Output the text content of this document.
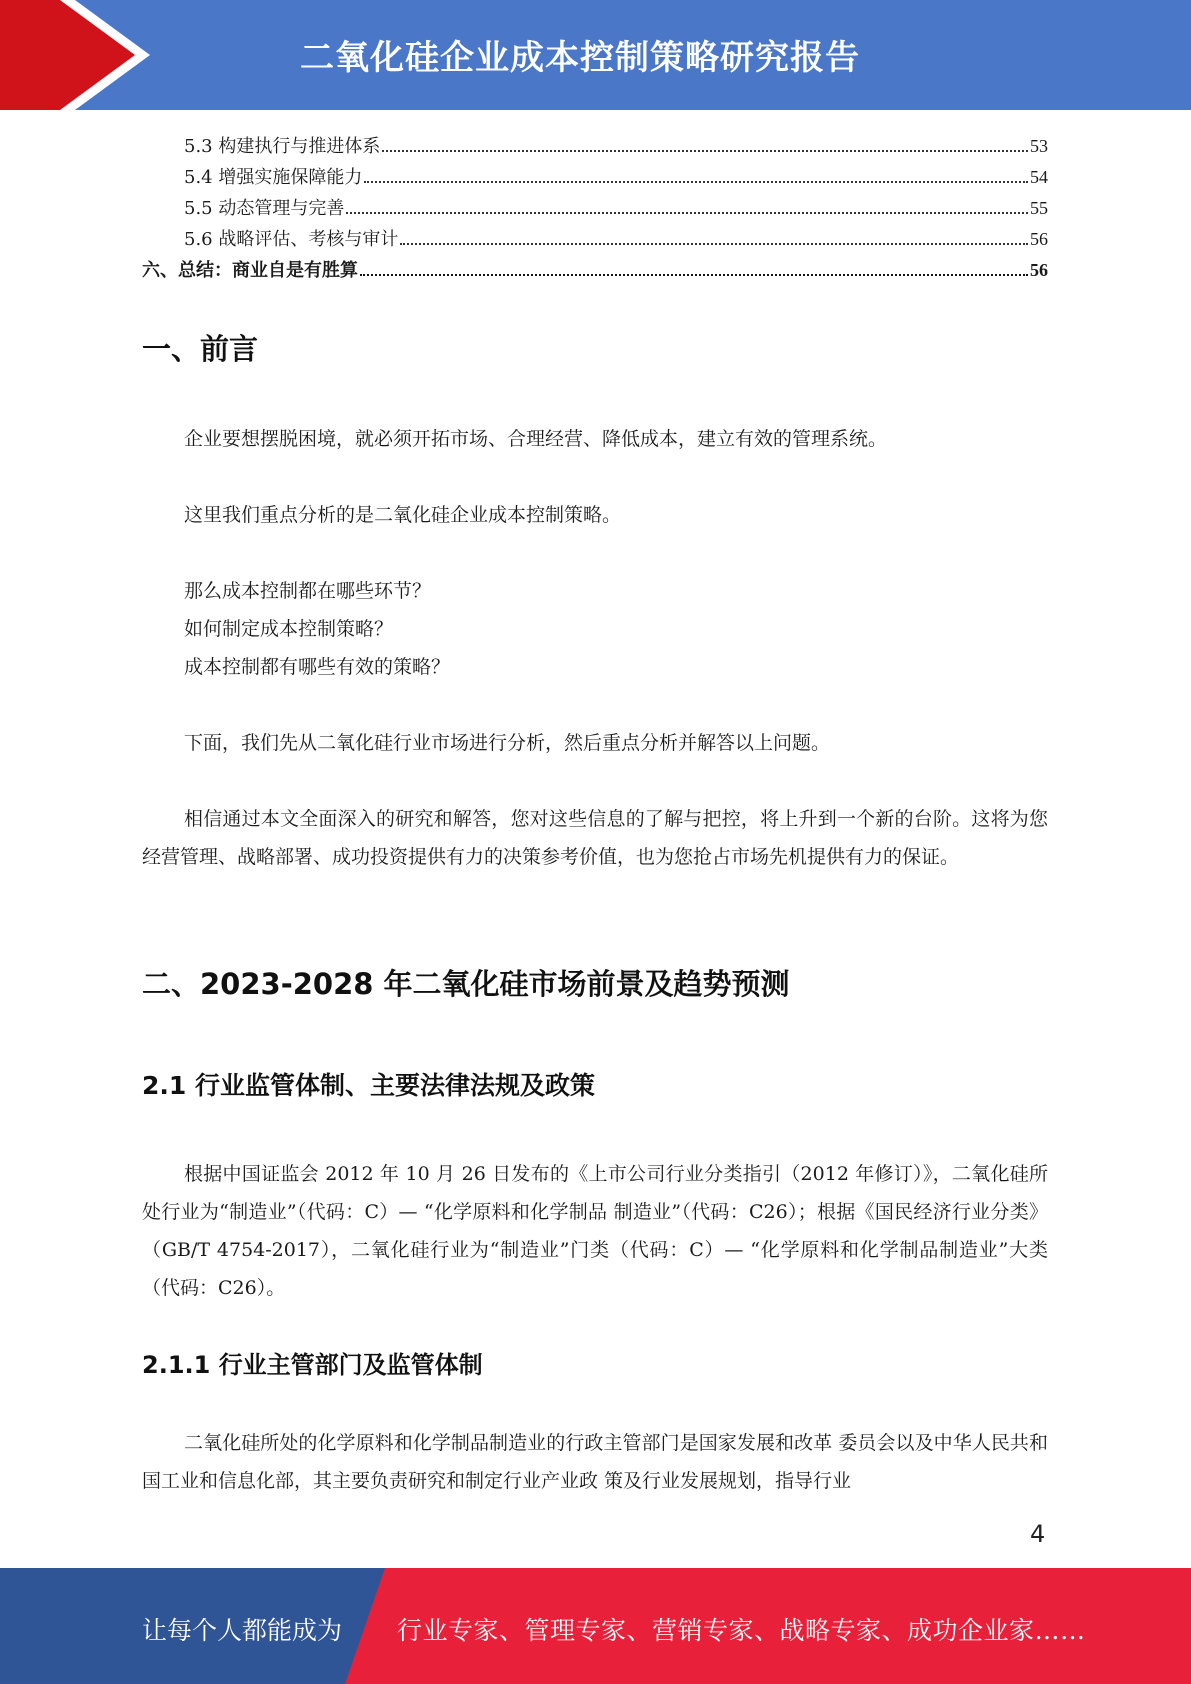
二氧化硅企业成本控制策略研究报告
5.3 构建执行与推进体系	53
5.4 增强实施保障能力	54
5.5 动态管理与完善	55
5.6 战略评估、考核与审计	56
六、总结：商业自是有胜算	56
一、前言

企业要想摆脱困境，就必须开拓市场、合理经营、降低成本，建立有效的管理系统。

这里我们重点分析的是二氧化硅企业成本控制策略。

那么成本控制都在哪些环节？

如何制定成本控制策略？

成本控制都有哪些有效的策略？

下面，我们先从二氧化硅行业市场进行分析，然后重点分析并解答以上问题。

相信通过本文全面深入的研究和解答，您对这些信息的了解与把控，将上升到一个新的台阶。这将为您经营管理、战略部署、成功投资提供有力的决策参考价值，也为您抢占市场先机提供有力的保证。

二、2023-2028 年二氧化硅市场前景及趋势预测
2.1 行业监管体制、主要法律法规及政策

根据中国证监会 2012 年 10 月 26 日发布的《上市公司行业分类指引（2012 年修订）》，二氧化硅所处行业为“制造业”（代码：C）— “化学原料和化学制品 制造业”（代码：C26）；根据《国民经济行业分类》（GB/T 4754-2017），二氧化硅行业为“制造业”门类（代码：C）— “化学原料和化学制品制造业”大类（代码：C26）。

2.1.1 行业主管部门及监管体制

二氧化硅所处的化学原料和化学制品制造业的行政主管部门是国家发展和改革 委员会以及中华人民共和国工业和信息化部，其主要负责研究和制定行业产业政 策及行业发展规划，指导行业

4
让每个人都能成为 行业专家、管理专家、营销专家、战略专家、成功企业家……
